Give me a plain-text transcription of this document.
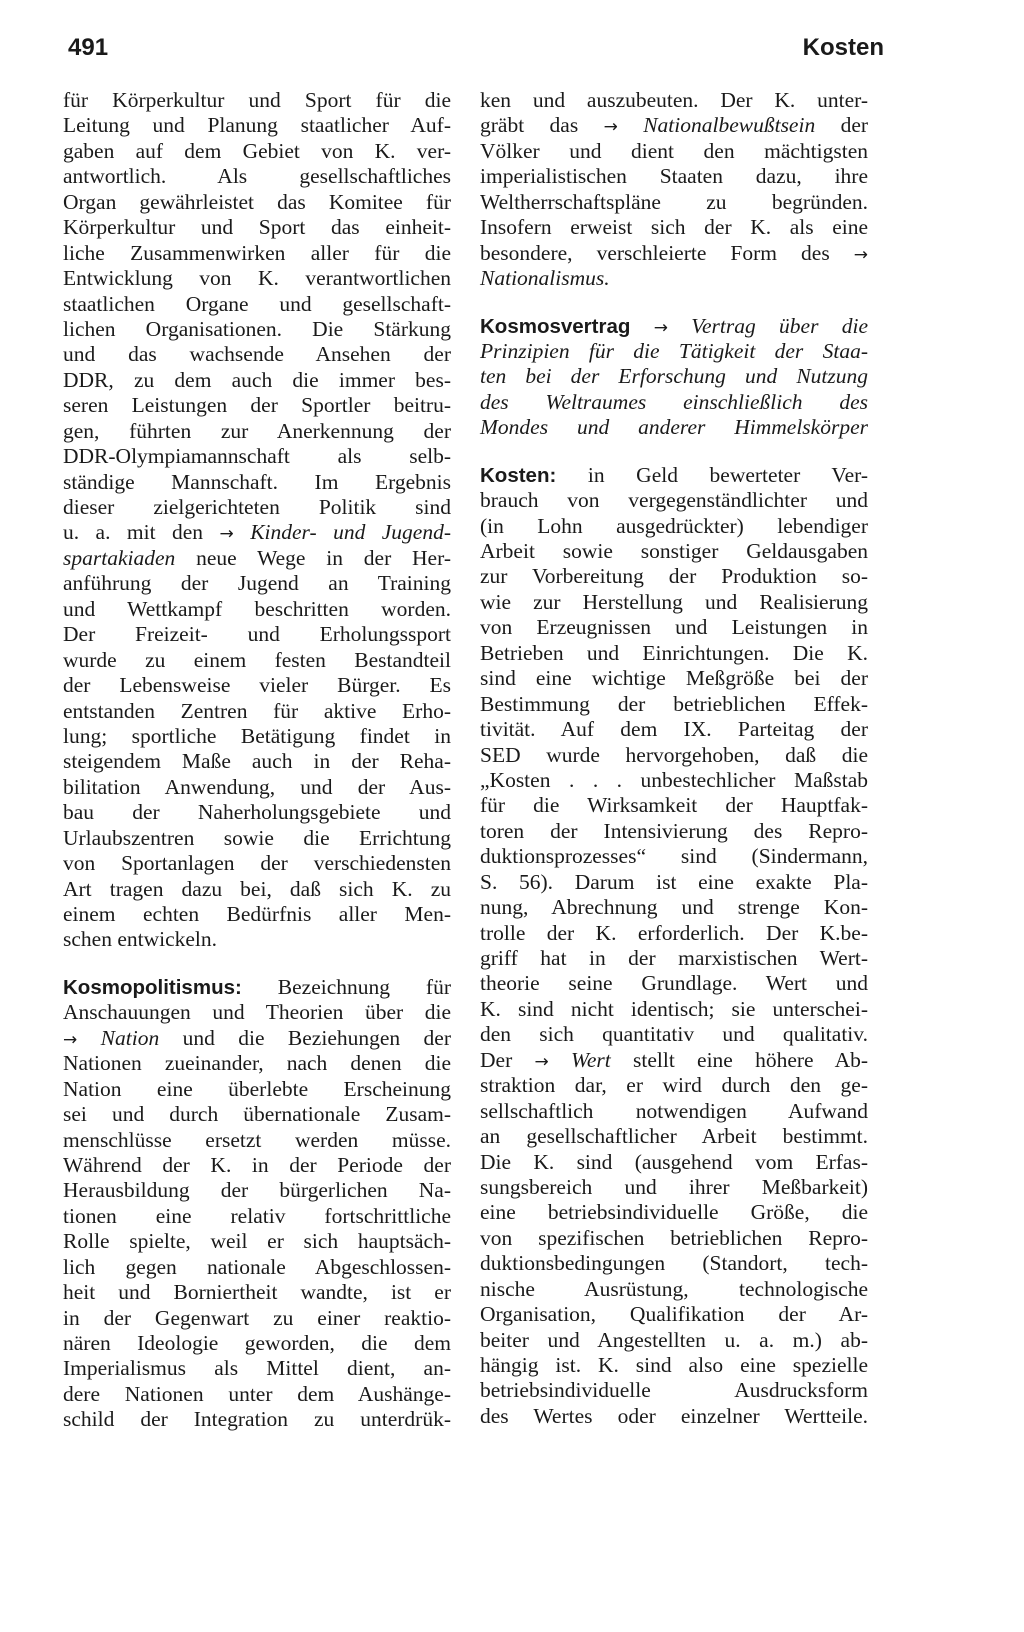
491	Kosten
für Körperkultur und Sport für die
Leitung und Planung staatlicher Auf-
gaben auf dem Gebiet von K. ver-
antwortlich. Als gesellschaftliches
Organ gewährleistet das Komitee für
Körperkultur und Sport das einheit-
liche Zusammenwirken aller für die
Entwicklung von K. verantwortlichen
staatlichen Organe und gesellschaft-
lichen Organisationen. Die Stärkung
und das wachsende Ansehen der
DDR, zu dem auch die immer bes-
seren Leistungen der Sportler beitru-
gen, führten zur Anerkennung der
DDR-Olympiamannschaft als selb-
ständige Mannschaft. Im Ergebnis
dieser zielgerichteten Politik sind
u. a. mit den → Kinder- und Jugend-
spartakiaden neue Wege in der Her-
anführung der Jugend an Training
und Wettkampf beschritten worden.
Der Freizeit- und Erholungssport
wurde zu einem festen Bestandteil
der Lebensweise vieler Bürger. Es
entstanden Zentren für aktive Erho-
lung; sportliche Betätigung findet in
steigendem Maße auch in der Reha-
bilitation Anwendung, und der Aus-
bau der Naherholungsgebiete und
Urlaubszentren sowie die Errichtung
von Sportanlagen der verschiedensten
Art tragen dazu bei, daß sich K. zu
einem echten Bedürfnis aller Men-
schen entwickeln.
Kosmopolitismus: Bezeichnung für
Anschauungen und Theorien über die
→ Nation und die Beziehungen der
Nationen zueinander, nach denen die
Nation eine überlebte Erscheinung
sei und durch übernationale Zusam-
menschlüsse ersetzt werden müsse.
Während der K. in der Periode der
Herausbildung der bürgerlichen Na-
tionen eine relativ fortschrittliche
Rolle spielte, weil er sich hauptsäch-
lich gegen nationale Abgeschlossen-
heit und Borniertheit wandte, ist er
in der Gegenwart zu einer reaktio-
nären Ideologie geworden, die dem
Imperialismus als Mittel dient, an-
dere Nationen unter dem Aushänge-
schild der Integration zu unterdrük-
ken und auszubeuten. Der K. unter-
gräbt das → Nationalbewußtsein der
Völker und dient den mächtigsten
imperialistischen Staaten dazu, ihre
Weltherrschaftspläne zu begründen.
Insofern erweist sich der K. als eine
besondere, verschleierte Form des →
Nationalismus.
Kosmosvertrag → Vertrag über die
Prinzipien für die Tätigkeit der Staa-
ten bei der Erforschung und Nutzung
des Weltraumes einschließlich des
Mondes und anderer Himmelskörper
Kosten: in Geld bewerteter Ver-
brauch von vergegenständlichter und
(in Lohn ausgedrückter) lebendiger
Arbeit sowie sonstiger Geldausgaben
zur Vorbereitung der Produktion so-
wie zur Herstellung und Realisierung
von Erzeugnissen und Leistungen in
Betrieben und Einrichtungen. Die K.
sind eine wichtige Meßgröße bei der
Bestimmung der betrieblichen Effek-
tivität. Auf dem IX. Parteitag der
SED wurde hervorgehoben, daß die
„Kosten . . . unbestechlicher Maßstab
für die Wirksamkeit der Hauptfak-
toren der Intensivierung des Repro-
duktionsprozesses“ sind (Sindermann,
S. 56). Darum ist eine exakte Pla-
nung, Abrechnung und strenge Kon-
trolle der K. erforderlich. Der K.be-
griff hat in der marxistischen Wert-
theorie seine Grundlage. Wert und
K. sind nicht identisch; sie unterschei-
den sich quantitativ und qualitativ.
Der → Wert stellt eine höhere Ab-
straktion dar, er wird durch den ge-
sellschaftlich notwendigen Aufwand
an gesellschaftlicher Arbeit bestimmt.
Die K. sind (ausgehend vom Erfas-
sungsbereich und ihrer Meßbarkeit)
eine betriebsindividuelle Größe, die
von spezifischen betrieblichen Repro-
duktionsbedingungen (Standort, tech-
nische Ausrüstung, technologische
Organisation, Qualifikation der Ar-
beiter und Angestellten u. a. m.) ab-
hängig ist. K. sind also eine spezielle
betriebsindividuelle Ausdrucksform
des Wertes oder einzelner Wertteile.
